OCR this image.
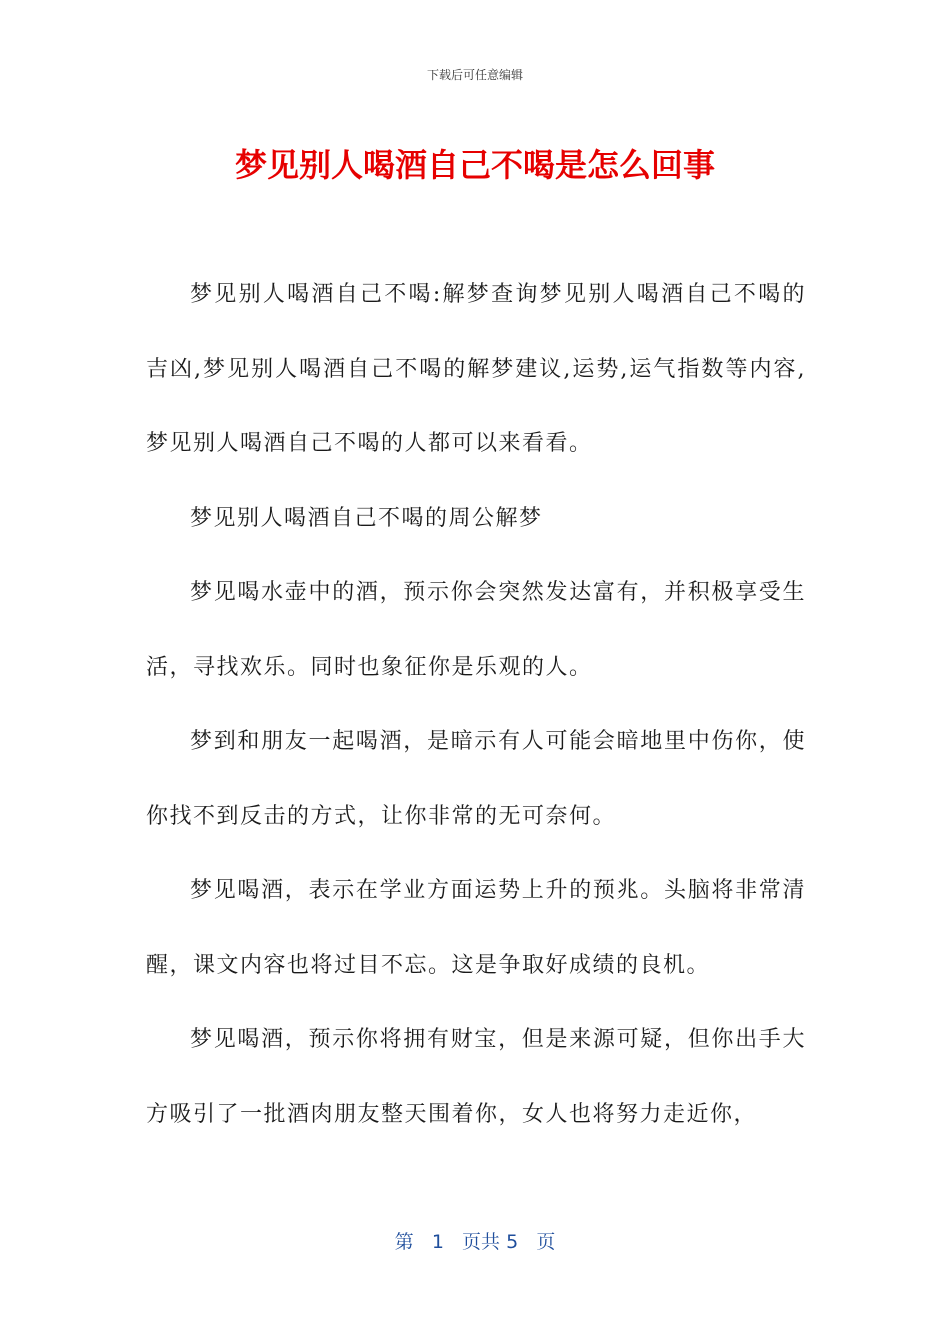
下载后可任意编辑
梦见别人喝酒自己不喝是怎么回事

梦见别人喝酒自己不喝:解梦查询梦见别人喝酒自己不喝的吉凶,梦见别人喝酒自己不喝的解梦建议,运势,运气指数等内容,梦见别人喝酒自己不喝的人都可以来看看。

梦见别人喝酒自己不喝的周公解梦

梦见喝水壶中的酒，预示你会突然发达富有，并积极享受生活，寻找欢乐。同时也象征你是乐观的人。

梦到和朋友一起喝酒，是暗示有人可能会暗地里中伤你，使你找不到反击的方式，让你非常的无可奈何。

梦见喝酒，表示在学业方面运势上升的预兆。头脑将非常清醒，课文内容也将过目不忘。这是争取好成绩的良机。

梦见喝酒，预示你将拥有财宝，但是来源可疑，但你出手大方吸引了一批酒肉朋友整天围着你，女人也将努力走近你，

第 1 页共 5 页
